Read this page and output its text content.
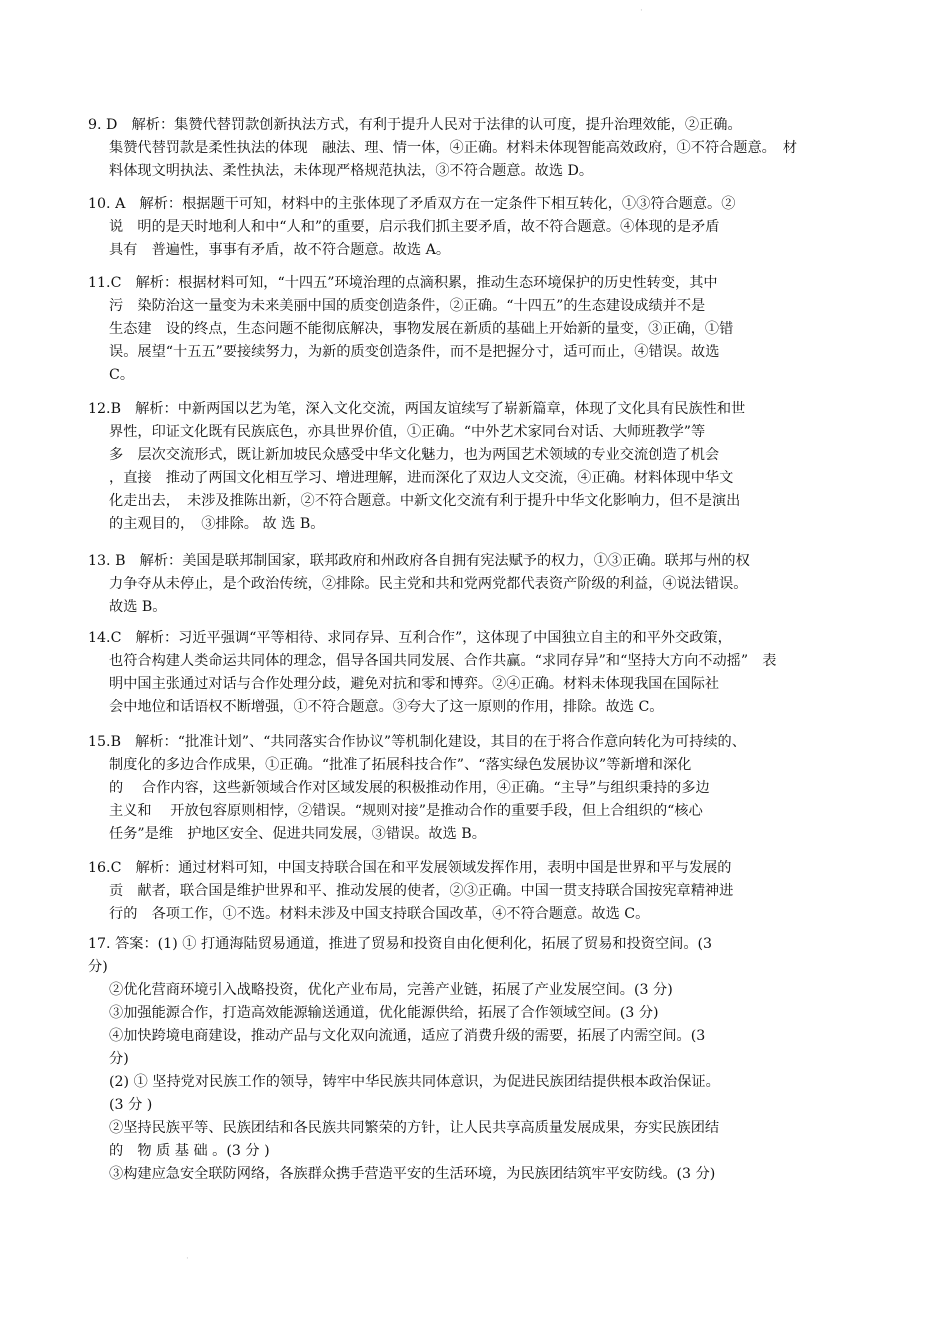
·
9. D　解析：集赞代替罚款创新执法方式，有利于提升人民对于法律的认可度，提升治理效能，②正确。
集赞代替罚款是柔性执法的体现　融法、理、情一体，④正确。材料未体现智能高效政府，①不符合题意。　材
料体现文明执法、柔性执法，未体现严格规范执法，③不符合题意。故选 D。
10. A　解析：根据题干可知，材料中的主张体现了矛盾双方在一定条件下相互转化，①③符合题意。②
说　明的是天时地利人和中“人和”的重要，启示我们抓主要矛盾，故不符合题意。④体现的是矛盾
具有　普遍性，事事有矛盾，故不符合题意。故选 A。
11.C　解析：根据材料可知，“十四五”环境治理的点滴积累，推动生态环境保护的历史性转变，其中
污　染防治这一量变为未来美丽中国的质变创造条件，②正确。“十四五”的生态建设成绩并不是
生态建　设的终点，生态问题不能彻底解决，事物发展在新质的基础上开始新的量变，③正确，①错
误。展望“十五五”要接续努力，为新的质变创造条件，而不是把握分寸，适可而止，④错误。故选
C。
12.B　解析：中新两国以艺为笔，深入文化交流，两国友谊续写了崭新篇章，体现了文化具有民族性和世
界性，印证文化既有民族底色，亦具世界价值，①正确。“中外艺术家同台对话、大师班教学”等
多　层次交流形式，既让新加坡民众感受中华文化魅力，也为两国艺术领域的专业交流创造了机会
，直接　推动了两国文化相互学习、增进理解，进而深化了双边人文交流，④正确。材料体现中华文
化走出去，　未涉及推陈出新，②不符合题意。中新文化交流有利于提升中华文化影响力，但不是演出
的主观目的，　③排除。 故 选 B。
13. B　解析：美国是联邦制国家，联邦政府和州政府各自拥有宪法赋予的权力，①③正确。联邦与州的权
力争夺从未停止，是个政治传统，②排除。民主党和共和党两党都代表资产阶级的利益，④说法错误。
故选 B。
14.C　解析：习近平强调“平等相待、求同存异、互利合作”，这体现了中国独立自主的和平外交政策，
也符合构建人类命运共同体的理念，倡导各国共同发展、合作共赢。“求同存异”和“坚持大方向不动摇”　表
明中国主张通过对话与合作处理分歧，避免对抗和零和博弈。②④正确。材料未体现我国在国际社
会中地位和话语权不断增强，①不符合题意。③夸大了这一原则的作用，排除。故选 C。
15.B　解析：“批准计划”、“共同落实合作协议”等机制化建设，其目的在于将合作意向转化为可持续的、
制度化的多边合作成果，①正确。“批准了拓展科技合作”、“落实绿色发展协议”等新增和深化
的　 合作内容，这些新领域合作对区域发展的积极推动作用，④正确。“主导”与组织秉持的多边
主义和　 开放包容原则相悖，②错误。“规则对接”是推动合作的重要手段，但上合组织的“核心
任务”是维　护地区安全、促进共同发展，③错误。故选 B。
16.C　解析：通过材料可知，中国支持联合国在和平发展领域发挥作用，表明中国是世界和平与发展的
贡　献者，联合国是维护世界和平、推动发展的使者，②③正确。中国一贯支持联合国按宪章精神进
行的　各项工作，①不选。材料未涉及中国支持联合国改革，④不符合题意。故选 C。
17. 答案：(1) ① 打通海陆贸易通道，推进了贸易和投资自由化便利化，拓展了贸易和投资空间。(3
分)
②优化营商环境引入战略投资，优化产业布局，完善产业链，拓展了产业发展空间。(3 分)
③加强能源合作，打造高效能源输送通道，优化能源供给，拓展了合作领域空间。(3 分)
④加快跨境电商建设，推动产品与文化双向流通，适应了消费升级的需要，拓展了内需空间。(3
分)
(2) ① 坚持党对民族工作的领导，铸牢中华民族共同体意识，为促进民族团结提供根本政治保证。
(3 分 )
②坚持民族平等、民族团结和各民族共同繁荣的方针，让人民共享高质量发展成果，夯实民族团结
的　物 质 基 础 。(3 分 )
③构建应急安全联防网络，各族群众携手营造平安的生活环境，为民族团结筑牢平安防线。(3 分)
·
